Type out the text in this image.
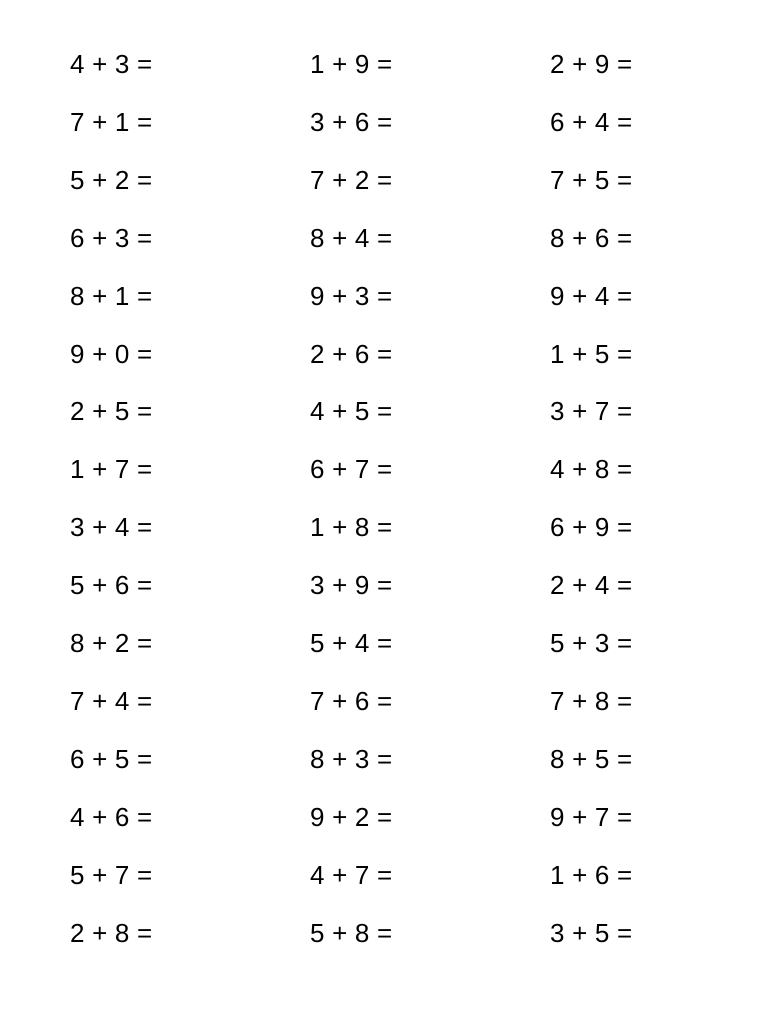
4 + 3 =
7 + 1 =
5 + 2 =
6 + 3 =
8 + 1 =
9 + 0 =
2 + 5 =
1 + 7 =
3 + 4 =
5 + 6 =
8 + 2 =
7 + 4 =
6 + 5 =
4 + 6 =
5 + 7 =
2 + 8 =
1 + 9 =
3 + 6 =
7 + 2 =
8 + 4 =
9 + 3 =
2 + 6 =
4 + 5 =
6 + 7 =
1 + 8 =
3 + 9 =
5 + 4 =
7 + 6 =
8 + 3 =
9 + 2 =
4 + 7 =
5 + 8 =
2 + 9 =
6 + 4 =
7 + 5 =
8 + 6 =
9 + 4 =
1 + 5 =
3 + 7 =
4 + 8 =
6 + 9 =
2 + 4 =
5 + 3 =
7 + 8 =
8 + 5 =
9 + 7 =
1 + 6 =
3 + 5 =
